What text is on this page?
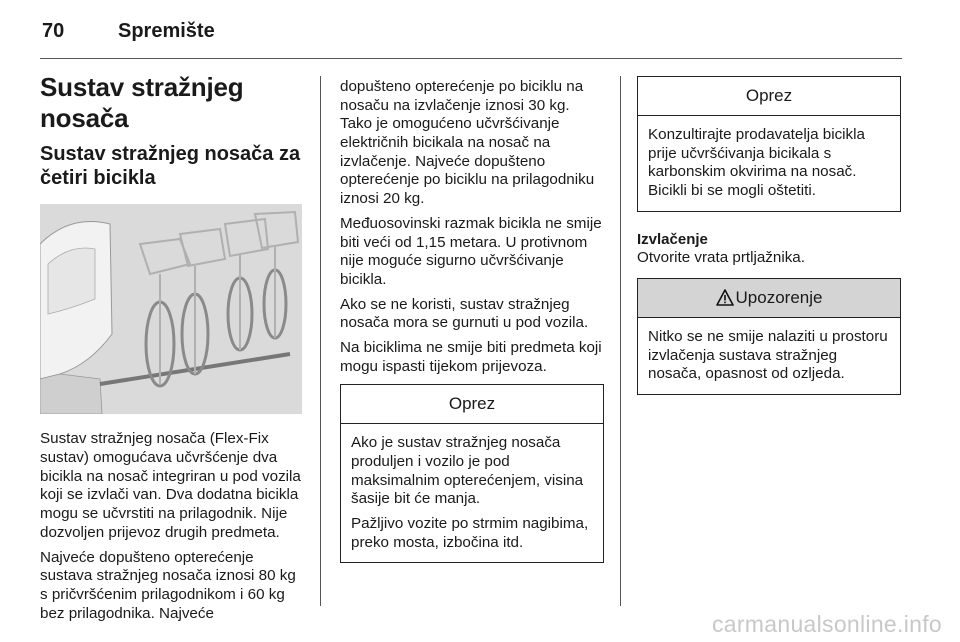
70	Spremište
Sustav stražnjeg nosača
Sustav stražnjeg nosača za četiri bicikla

Sustav stražnjeg nosača (Flex-Fix sustav) omogućava učvršćenje dva bicikla na nosač integriran u pod vozila koji se izvlači van. Dva dodatna bicikla mogu se učvrstiti na prilagodnik. Nije dozvoljen prijevoz drugih predmeta.

Najveće dopušteno opterećenje sustava stražnjeg nosača iznosi 80 kg s pričvršćenim prilagodnikom i 60 kg bez prilagodnika. Najveće

dopušteno opterećenje po biciklu na nosaču na izvlačenje iznosi 30 kg. Tako je omogućeno učvršćivanje električnih bicikala na nosač na izvlačenje. Najveće dopušteno opterećenje po biciklu na prilagodniku iznosi 20 kg.

Međuosovinski razmak bicikla ne smije biti veći od 1,15 metara. U protivnom nije moguće sigurno učvršćivanje bicikla.

Ako se ne koristi, sustav stražnjeg nosača mora se gurnuti u pod vozila.

Na biciklima ne smije biti predmeta koji mogu ispasti tijekom prijevoza.

Oprez

Ako je sustav stražnjeg nosača produljen i vozilo je pod maksimalnim opterećenjem, visina šasije bit će manja.

Pažljivo vozite po strmim nagibima, preko mosta, izbočina itd.

Oprez

Konzultirajte prodavatelja bicikla prije učvršćivanja bicikala s karbonskim okvirima na nosač. Bicikli bi se mogli oštetiti.

Izvlačenje

Otvorite vrata prtljažnika.

Upozorenje

Nitko se ne smije nalaziti u prostoru izvlačenja sustava stražnjeg nosača, opasnost od ozljeda.

carmanualsonline.info
